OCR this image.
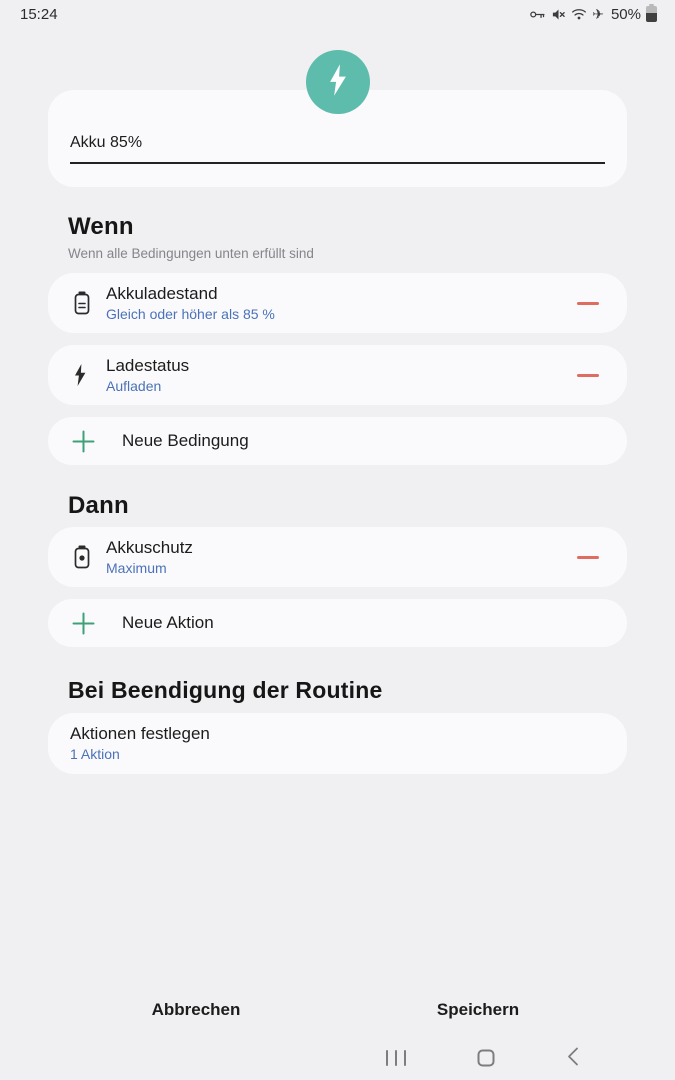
15:24	✈ 50%
Akku 85%
Wenn

Wenn alle Bedingungen unten erfüllt sind

Akkuladestand
Gleich oder höher als 85 %
Ladestatus
Aufladen
Neue Bedingung
Dann
Akkuschutz
Maximum
Neue Aktion
Bei Beendigung der Routine
Aktionen festlegen
1 Aktion
Abbrechen	Speichern
